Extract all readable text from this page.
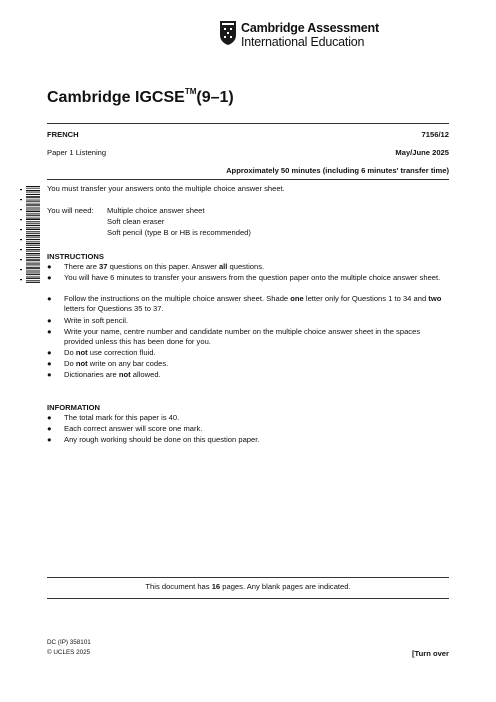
Cambridge Assessment
International Education
Cambridge IGCSE™(9–1)
FRENCH	7156/12
Paper 1 Listening	May/June 2025
Approximately 50 minutes (including 6 minutes' transfer time)
You must transfer your answers onto the multiple choice answer sheet.
You will need: Multiple choice answer sheet
Soft clean eraser
Soft pencil (type B or HB is recommended)
INSTRUCTIONS
● There are 37 questions on this paper. Answer all questions.
● You will have 6 minutes to transfer your answers from the question paper onto the multiple choice answer sheet.
● Follow the instructions on the multiple choice answer sheet. Shade one letter only for Questions 1 to 34 and two letters for Questions 35 to 37.
● Write in soft pencil.
● Write your name, centre number and candidate number on the multiple choice answer sheet in the spaces provided unless this has been done for you.
● Do not use correction fluid.
● Do not write on any bar codes.
● Dictionaries are not allowed.
INFORMATION
● The total mark for this paper is 40.
● Each correct answer will score one mark.
● Any rough working should be done on this question paper.
This document has 16 pages. Any blank pages are indicated.
DC (IP) 358101
© UCLES 2025	[Turn over
